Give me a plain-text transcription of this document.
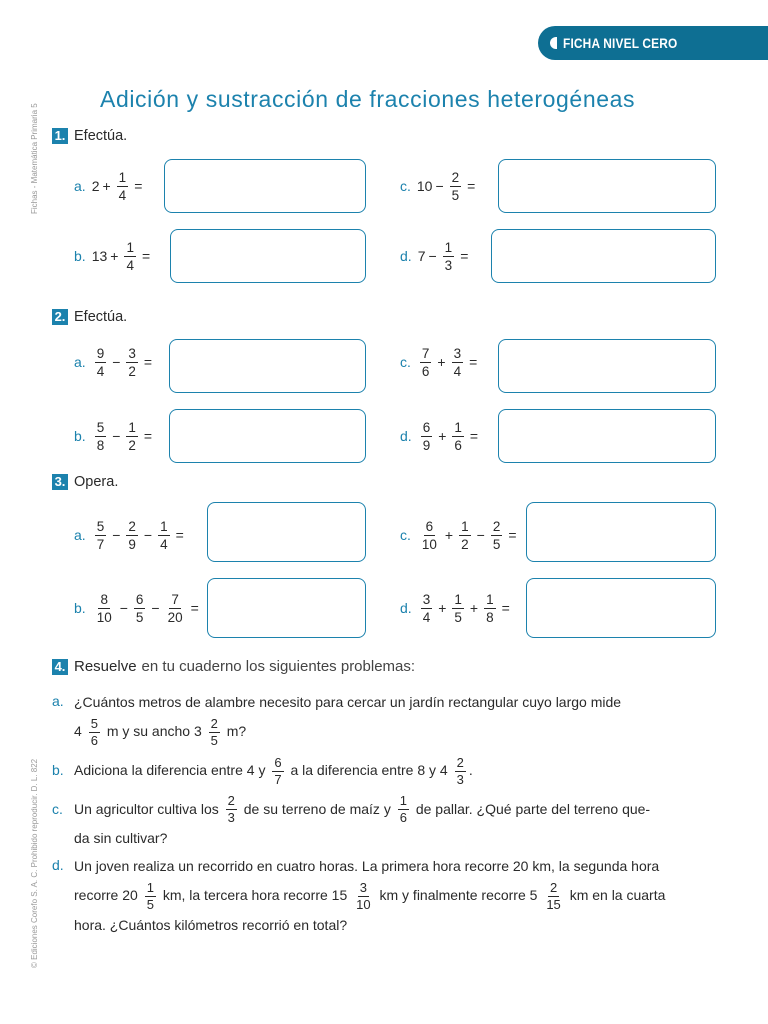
Fichas - Matemática Primaria 5
© Ediciones Corefo S. A. C. Prohibido reproducir. D. L. 822
FICHA NIVEL CERO
Adición y sustracción de fracciones heterogéneas
1. Efectúa .
a. $2 + \frac{1}{4}$ =
b. $13 + \frac{1}{4}$ =
c. $10 - \frac{2}{5}$ =
d. $7 - \frac{1}{3}$ =
2. Efectúa .
a. $\frac{9}{4} - \frac{3}{2}$ =
b. $\frac{5}{8} - \frac{1}{2}$ =
c. $\frac{7}{6} + \frac{3}{4}$ =
d. $\frac{6}{9} + \frac{1}{6}$ =
3. Opera .
a. $\frac{5}{7} - \frac{2}{9} - \frac{1}{4}$ =
b. $\frac{8}{10} - \frac{6}{5} - \frac{7}{20}$ =
c. $\frac{6}{10} + \frac{1}{2} - \frac{2}{5}$ =
d. $\frac{3}{4} + \frac{1}{5} + \frac{1}{8}$ =
4. Resuelve en tu cuaderno los siguientes problemas:
a. ¿Cuántos metros de alambre necesito para cercar un jardín rectangular cuyo largo mide
$4 \frac{5}{6}$ m y su ancho $3 \frac{2}{5} m$?
b. Adiciona la diferencia entre 4 y $\frac{6}{7}$ a la diferencia entre 8 y $4 \frac{2}{3}$ .
c. Un agricultor cultiva los $\frac{2}{3}$ de su terreno de maíz y $\frac{1}{6}$ de pallar. ¿Qué parte del terreno que-
da sin cultivar?
d. Un joven realiza un recorrido en cuatro horas. La primera hora recorre 20 km, la segunda hora
recorre $20 \frac{1}{5}$ km, la tercera hora recorre $15 \frac{3}{10}$ km y finalmente recorre $5 \frac{2}{15}$ km en la cuarta
hora. ¿Cuántos kilómetros recorrió en total?
